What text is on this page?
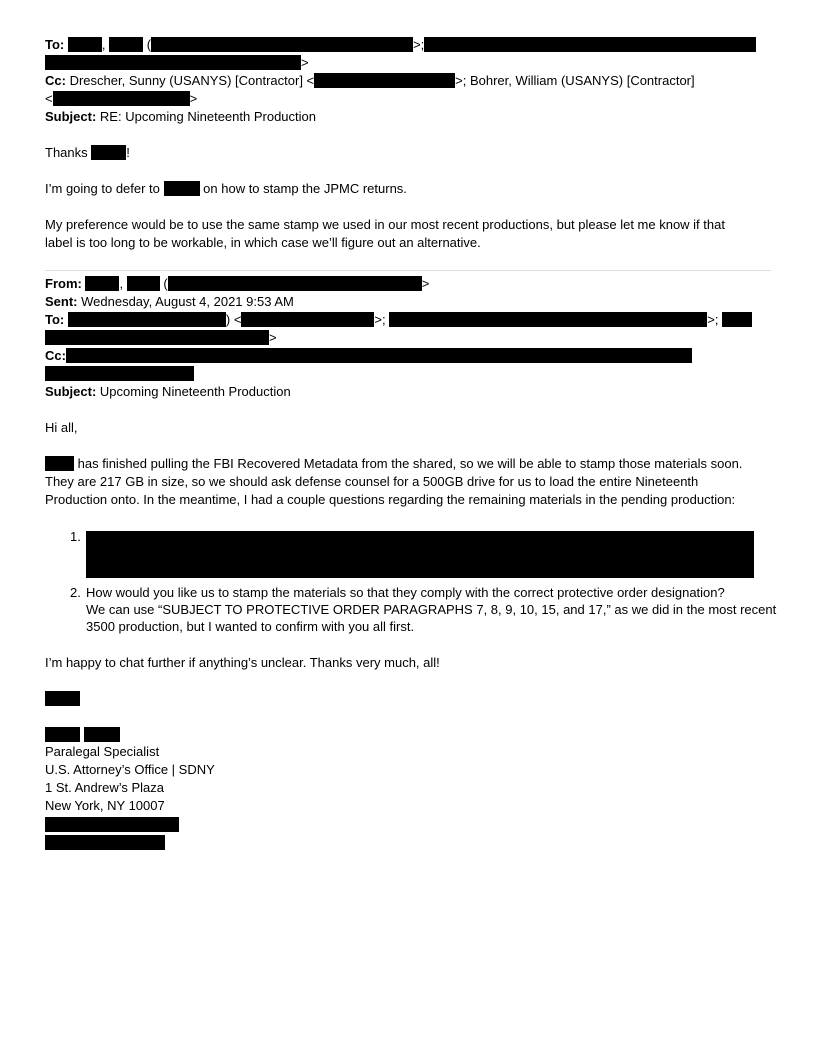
To:	,	(	>;
>
Cc: Drescher, Sunny (USANYS) [Contractor] <	>; Bohrer, William (USANYS) [Contractor]
<	>
Subject: RE: Upcoming Nineteenth Production
Thanks	!
I’m going to defer to	on how to stamp the JPMC returns.
My preference would be to use the same stamp we used in our most recent productions, but please let me know if that
label is too long to be workable, in which case we’ll figure out an alternative.
From:	,	(	>
Sent: Wednesday, August 4, 2021 9:53 AM
To:	) <	>;	>;
>
Cc:
Subject: Upcoming Nineteenth Production
Hi all,
has finished pulling the FBI Recovered Metadata from the shared, so we will be able to stamp those materials soon.
They are 217 GB in size, so we should ask defense counsel for a 500GB drive for us to load the entire Nineteenth
Production onto. In the meantime, I had a couple questions regarding the remaining materials in the pending production:
1.
2. How would you like us to stamp the materials so that they comply with the correct protective order designation?
We can use “SUBJECT TO PROTECTIVE ORDER PARAGRAPHS 7, 8, 9, 10, 15, and 17,” as we did in the most recent
3500 production, but I wanted to confirm with you all first.
I’m happy to chat further if anything’s unclear. Thanks very much, all!
Paralegal Specialist
U.S. Attorney’s Office | SDNY
1 St. Andrew’s Plaza
New York, NY 10007
